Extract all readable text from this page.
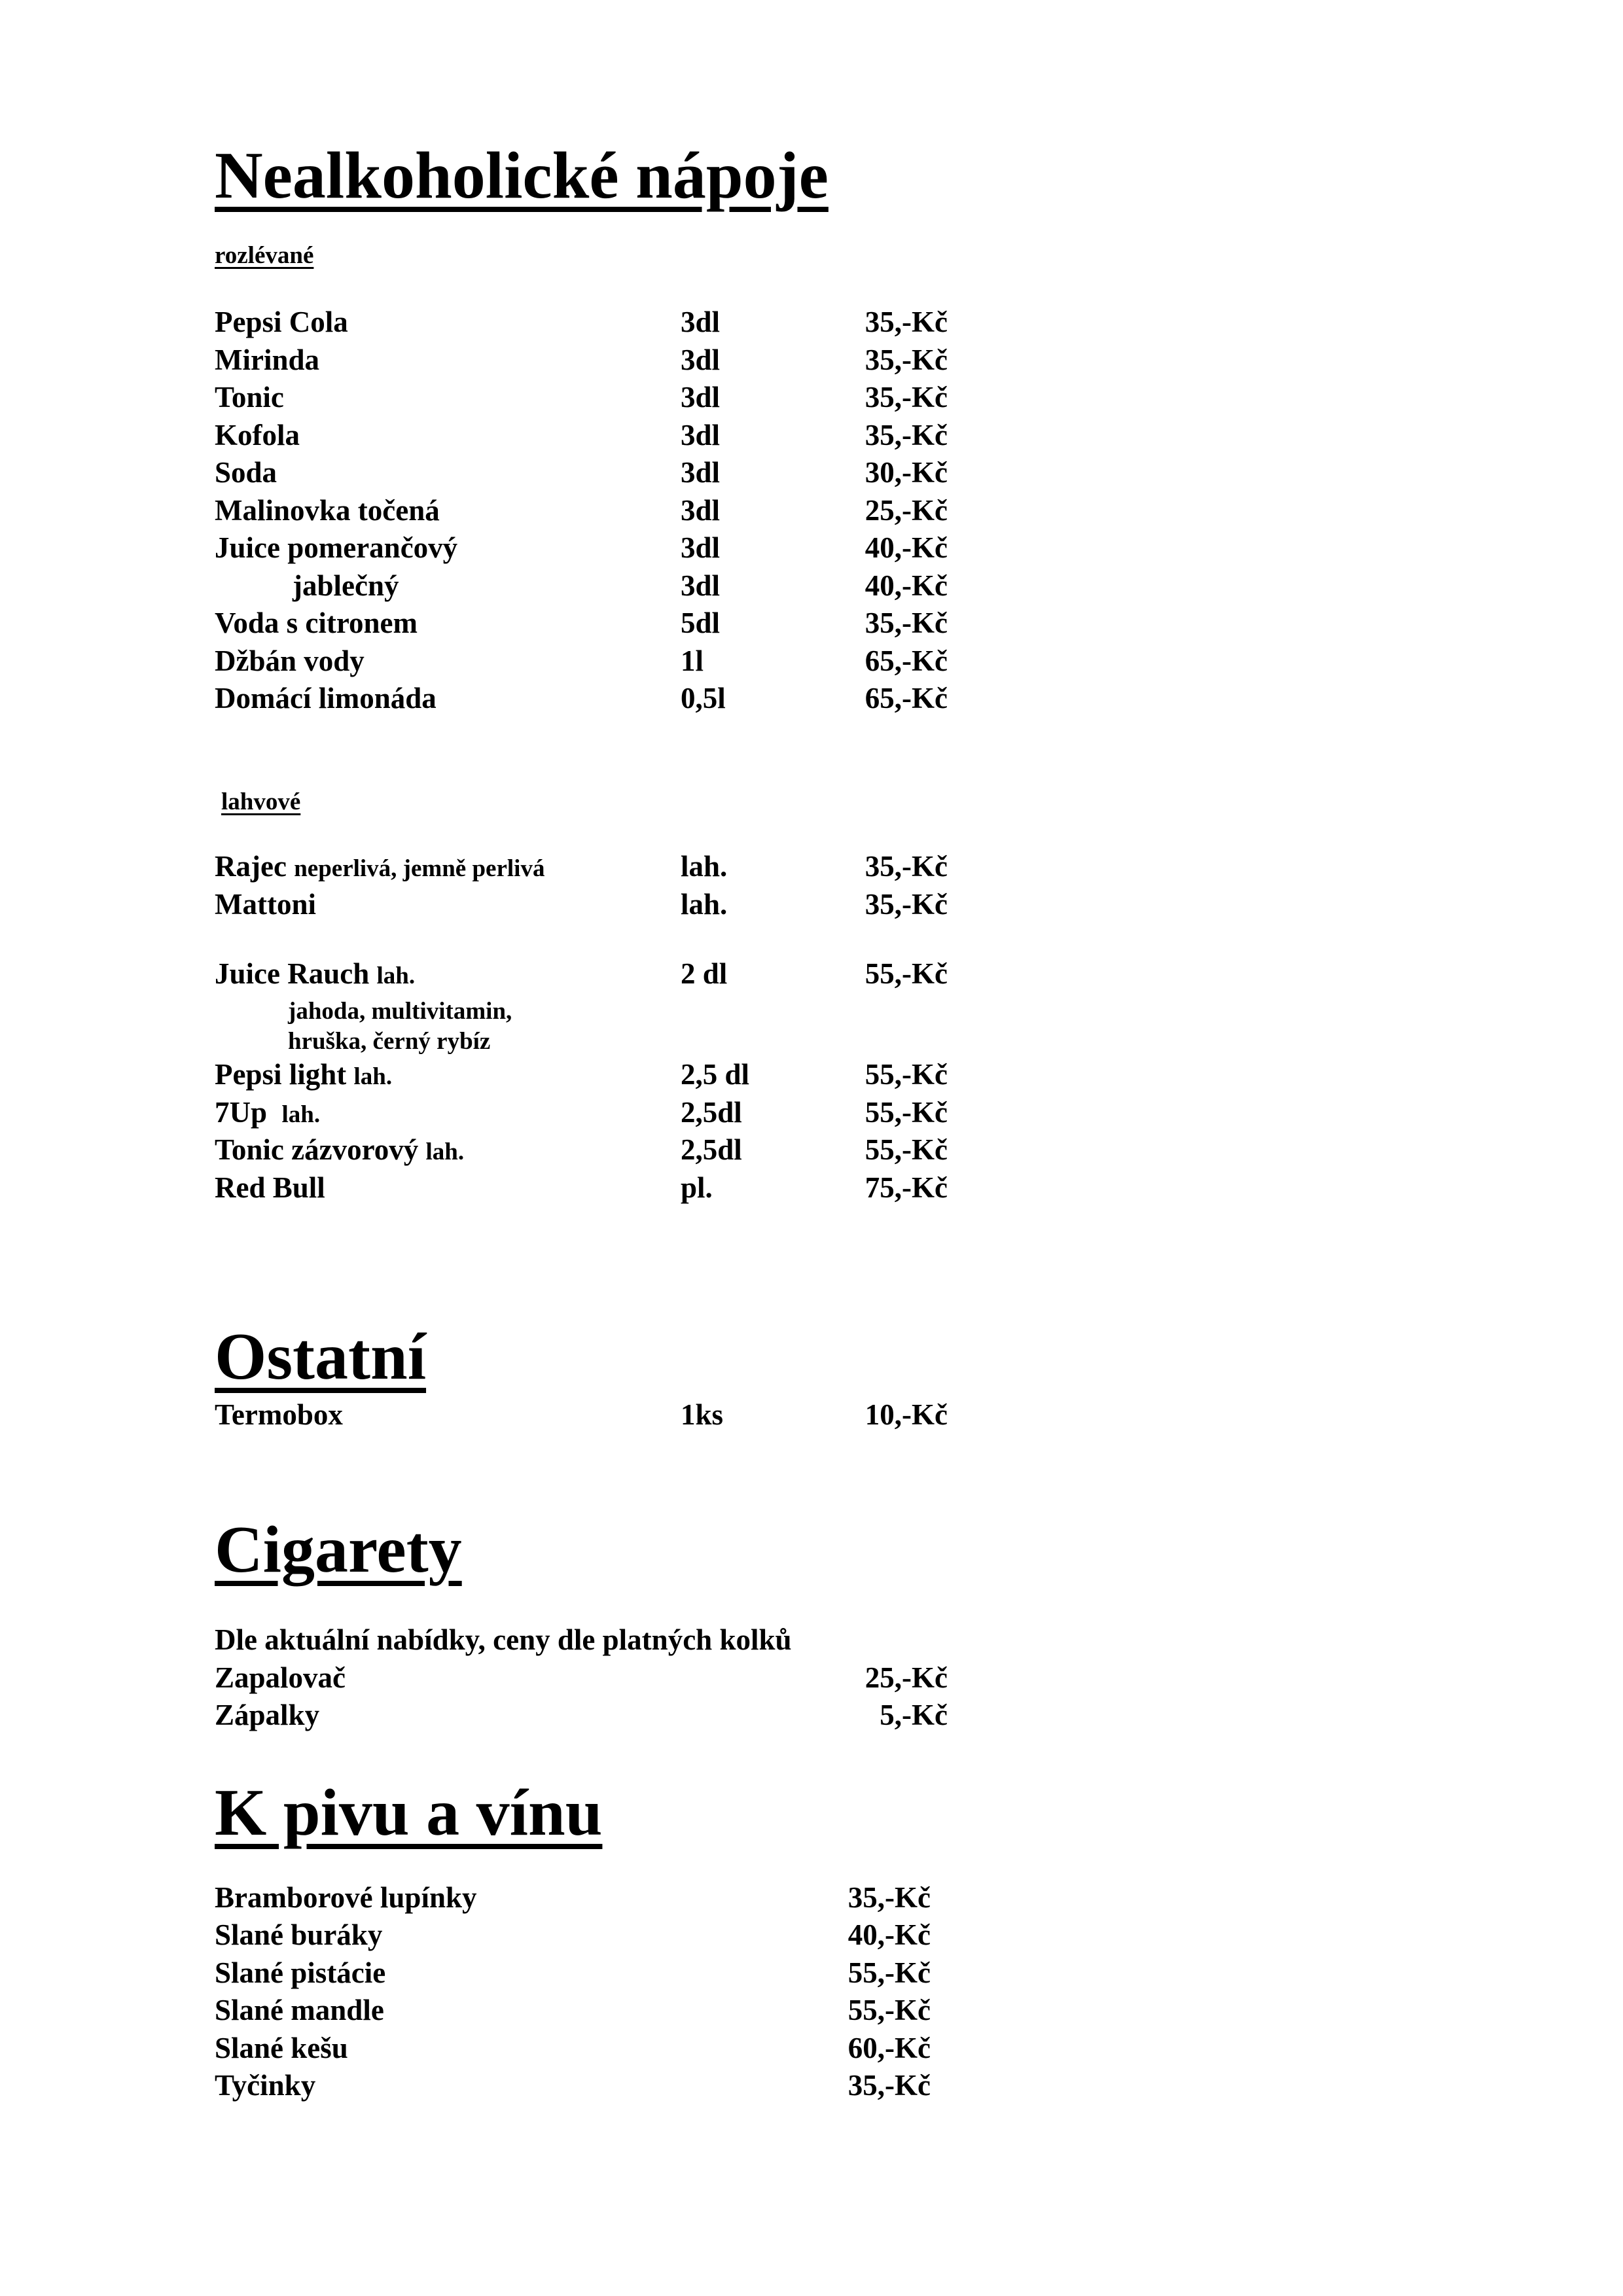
Nealkoholické nápoje
rozlévané
Pepsi Cola	3dl	35,-Kč
Mirinda	3dl	35,-Kč
Tonic	3dl	35,-Kč
Kofola	3dl	35,-Kč
Soda	3dl	30,-Kč
Malinovka točená	3dl	25,-Kč
Juice pomerančový	3dl	40,-Kč
jablečný	3dl	40,-Kč
Voda s citronem	5dl	35,-Kč
Džbán vody	1l	65,-Kč
Domácí limonáda	0,5l	65,-Kč
lahvové
Rajec neperlivá, jemně perlivá	lah.	35,-Kč
Mattoni	lah.	35,-Kč
Juice Rauch lah.	2 dl	55,-Kč
jahoda, multivitamin,
hruška, černý rybíz
Pepsi light lah.	2,5 dl	55,-Kč
7Up lah.	2,5dl	55,-Kč
Tonic zázvorový lah.	2,5dl	55,-Kč
Red Bull	pl.	75,-Kč
Ostatní
Termobox	1ks	10,-Kč
Cigarety
Dle aktuální nabídky, ceny dle platných kolků
Zapalovač	25,-Kč
Zápalky	5,-Kč
K pivu a vínu
Bramborové lupínky	35,-Kč
Slané buráky	40,-Kč
Slané pistácie	55,-Kč
Slané mandle	55,-Kč
Slané kešu	60,-Kč
Tyčinky	35,-Kč
